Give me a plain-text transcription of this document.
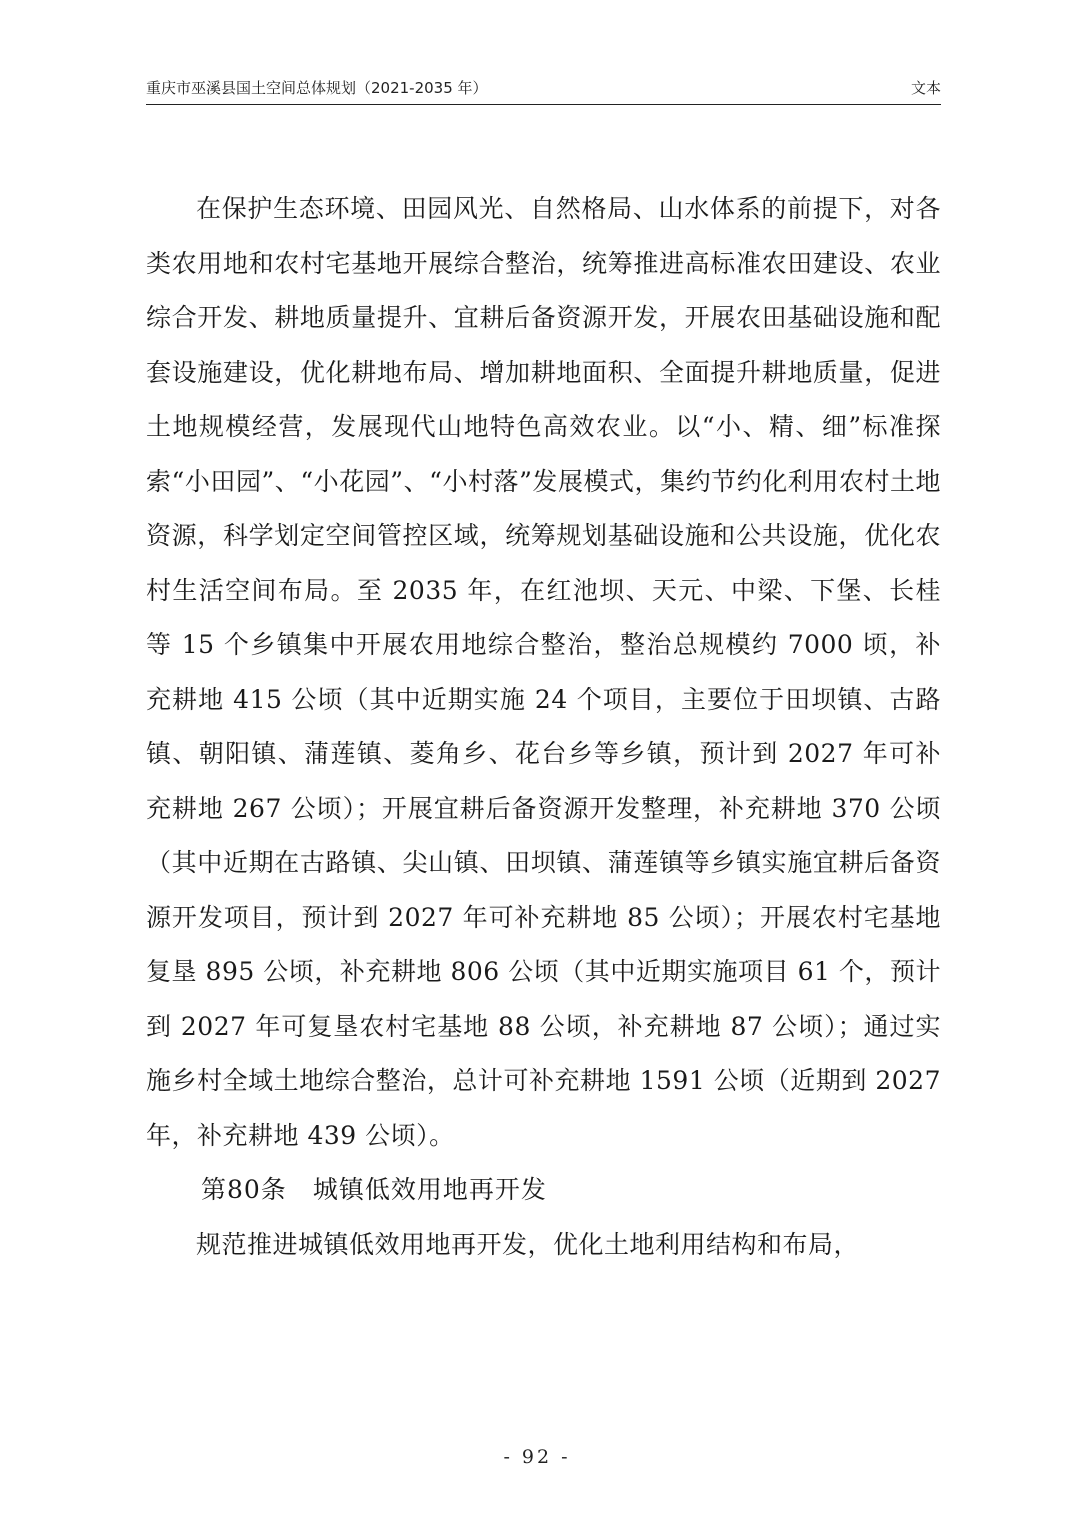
重庆市巫溪县国土空间总体规划（2021-2035 年）	文本

在保护生态环境、田园风光、自然格局、山水体系的前提下，对各类农用地和农村宅基地开展综合整治，统筹推进高标准农田建设、农业综合开发、耕地质量提升、宜耕后备资源开发，开展农田基础设施和配套设施建设，优化耕地布局、增加耕地面积、全面提升耕地质量，促进土地规模经营，发展现代山地特色高效农业。以“小、精、细”标准探索“小田园”、“小花园”、“小村落”发展模式，集约节约化利用农村土地资源，科学划定空间管控区域，统筹规划基础设施和公共设施，优化农村生活空间布局。至 2035 年，在红池坝、天元、中梁、下堡、长桂等 15 个乡镇集中开展农用地综合整治，整治总规模约 7000 顷，补充耕地 415 公顷（其中近期实施 24 个项目，主要位于田坝镇、古路镇、朝阳镇、蒲莲镇、菱角乡、花台乡等乡镇，预计到 2027 年可补充耕地 267 公顷）；开展宜耕后备资源开发整理，补充耕地 370 公顷（其中近期在古路镇、尖山镇、田坝镇、蒲莲镇等乡镇实施宜耕后备资源开发项目，预计到 2027 年可补充耕地 85 公顷）；开展农村宅基地复垦 895 公顷，补充耕地 806 公顷（其中近期实施项目 61 个，预计到 2027 年可复垦农村宅基地 88 公顷，补充耕地 87 公顷）；通过实施乡村全域土地综合整治，总计可补充耕地 1591 公顷（近期到 2027 年，补充耕地 439 公顷）。

第80条 城镇低效用地再开发

规范推进城镇低效用地再开发，优化土地利用结构和布局，

- 92 -
